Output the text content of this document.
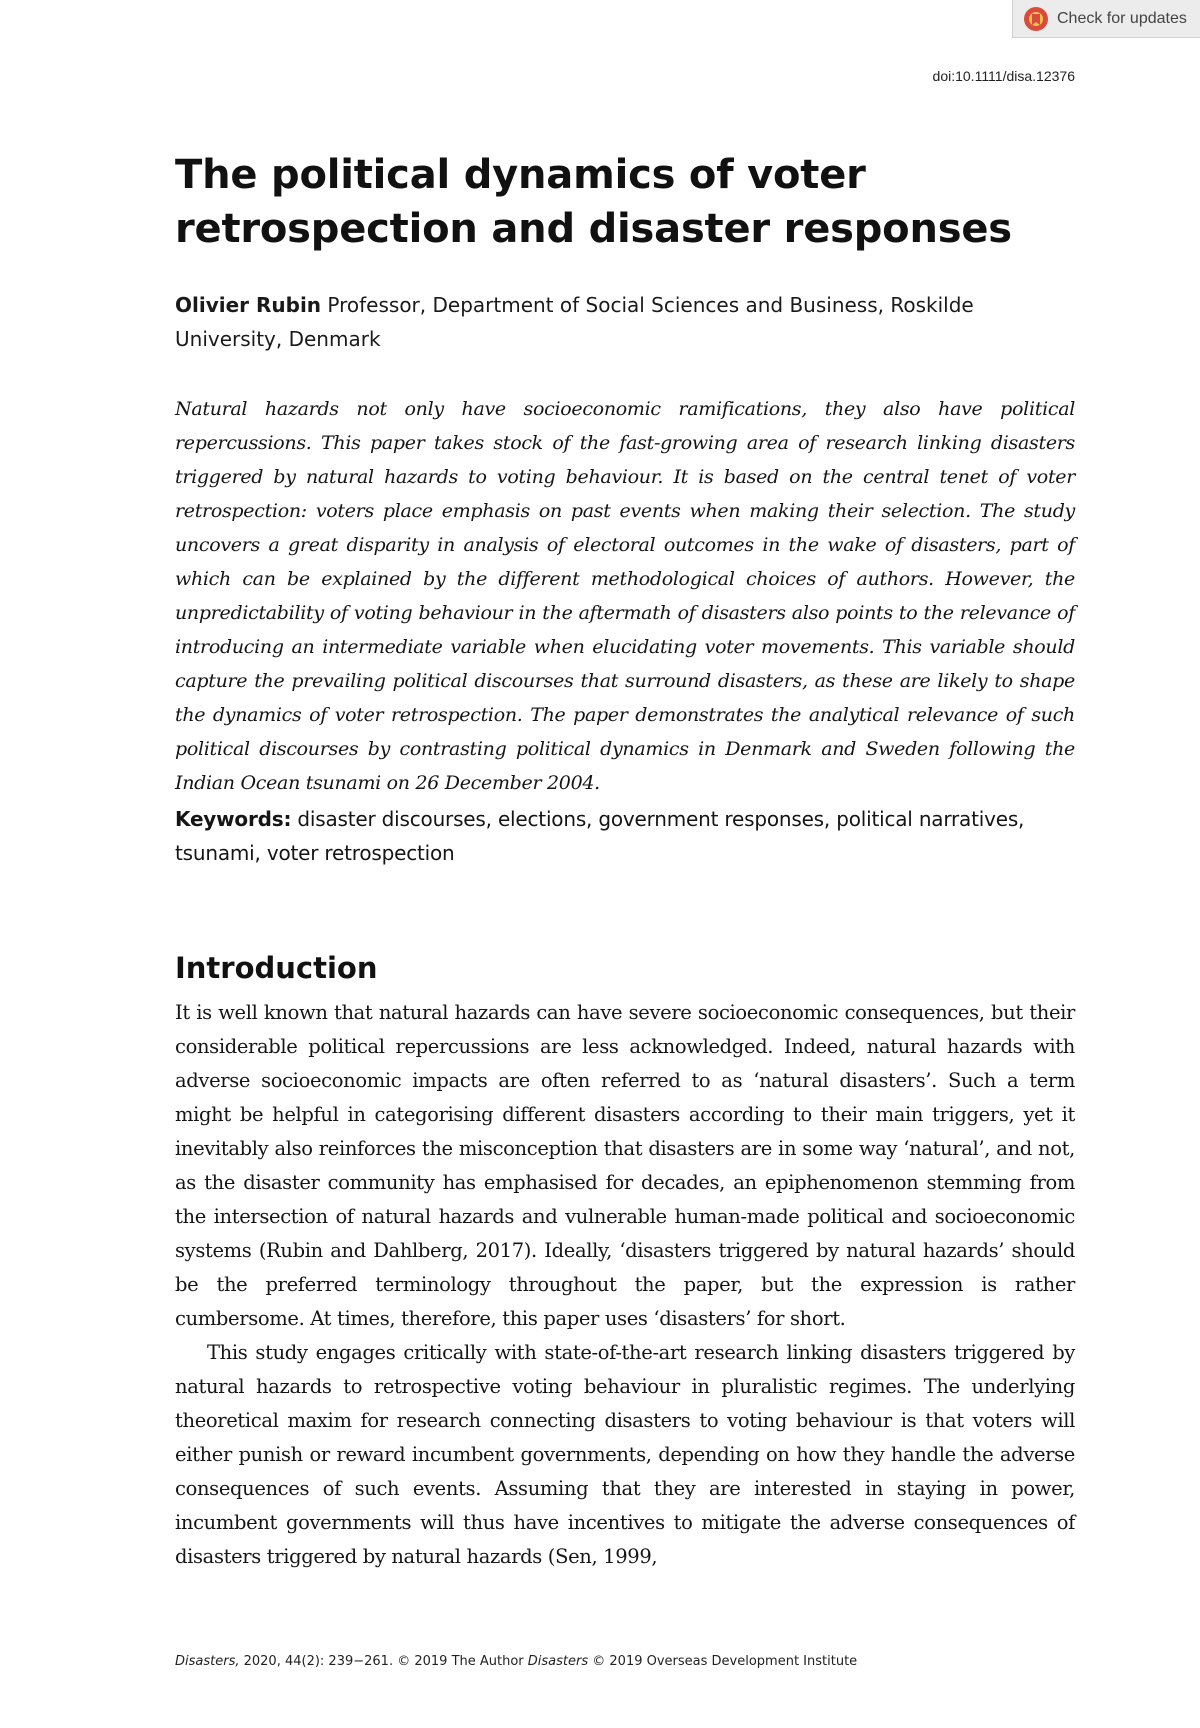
Check for updates
doi:10.1111/disa.12376
The political dynamics of voter retrospection and disaster responses

Olivier Rubin Professor, Department of Social Sciences and Business, Roskilde University, Denmark

Natural hazards not only have socioeconomic ramifications, they also have political repercussions. This paper takes stock of the fast-growing area of research linking disasters triggered by natural hazards to voting behaviour. It is based on the central tenet of voter retrospection: voters place emphasis on past events when making their selection. The study uncovers a great disparity in analysis of electoral outcomes in the wake of disasters, part of which can be explained by the different methodological choices of authors. However, the unpredictability of voting behaviour in the aftermath of disasters also points to the relevance of introducing an intermediate variable when elucidating voter movements. This variable should capture the prevailing political discourses that surround disasters, as these are likely to shape the dynamics of voter retrospection. The paper demonstrates the analytical relevance of such political discourses by contrasting political dynamics in Denmark and Sweden following the Indian Ocean tsunami on 26 December 2004.

Keywords: disaster discourses, elections, government responses, political narratives, tsunami, voter retrospection

Introduction

It is well known that natural hazards can have severe socioeconomic consequences, but their considerable political repercussions are less acknowledged. Indeed, natural hazards with adverse socioeconomic impacts are often referred to as ‘natural disasters’. Such a term might be helpful in categorising different disasters according to their main triggers, yet it inevitably also reinforces the misconception that disasters are in some way ‘natural’, and not, as the disaster community has emphasised for decades, an epiphenomenon stemming from the intersection of natural hazards and vulnerable human-made political and socioeconomic systems (Rubin and Dahlberg, 2017). Ideally, ‘disasters triggered by natural hazards’ should be the preferred terminology throughout the paper, but the expression is rather cumbersome. At times, therefore, this paper uses ‘disasters’ for short.

This study engages critically with state-of-the-art research linking disasters triggered by natural hazards to retrospective voting behaviour in pluralistic regimes. The underlying theoretical maxim for research connecting disasters to voting behaviour is that voters will either punish or reward incumbent governments, depending on how they handle the adverse consequences of such events. Assuming that they are interested in staying in power, incumbent governments will thus have incentives to mitigate the adverse consequences of disasters triggered by natural hazards (Sen, 1999,

Disasters, 2020, 44(2): 239−261. © 2019 The Author Disasters © 2019 Overseas Development Institute
